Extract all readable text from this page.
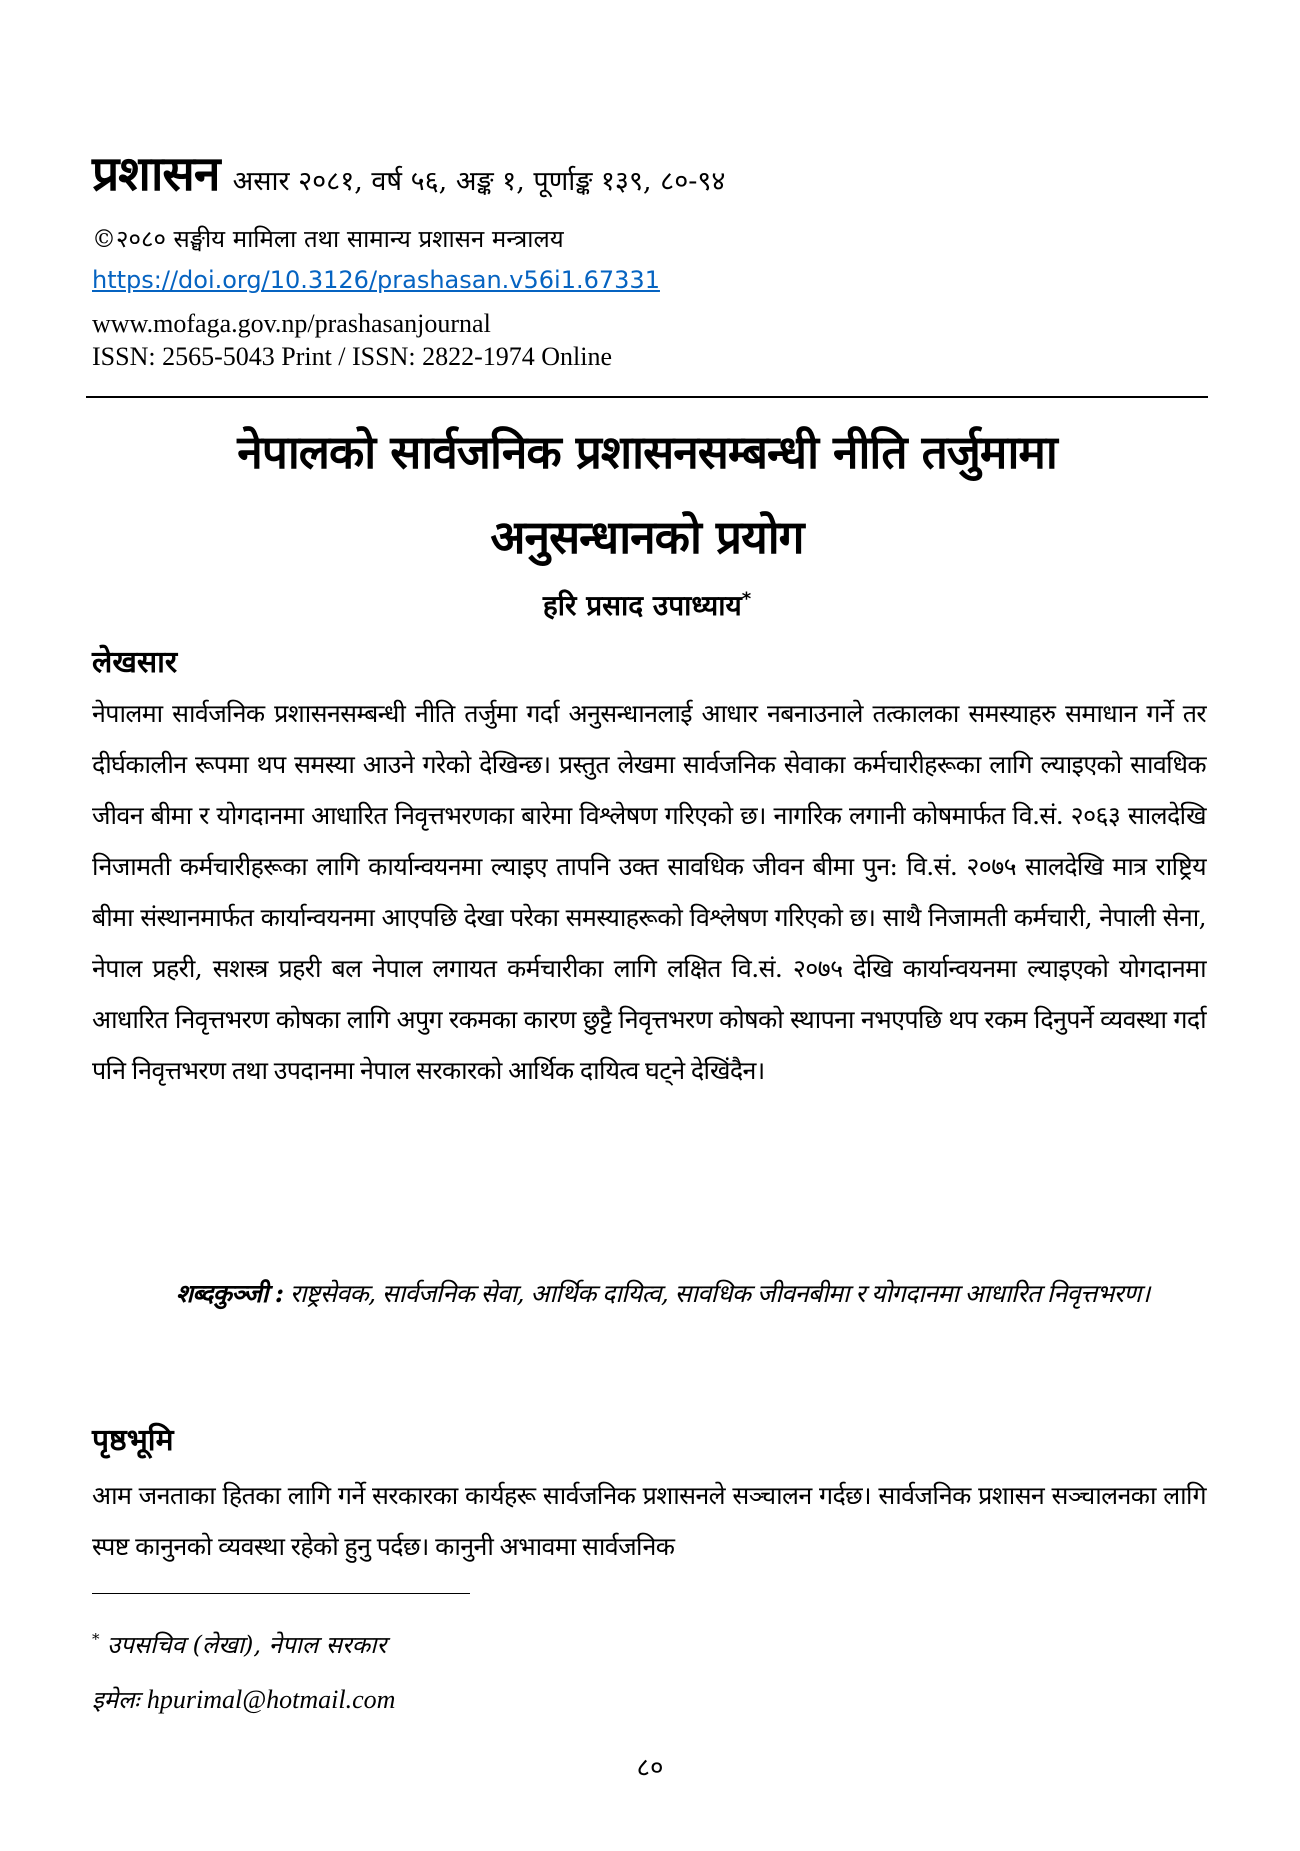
प्रशासन असार २०८१, वर्ष ५६, अङ्क १, पूर्णाङ्क १३९, ८०-९४
©२०८० सङ्घीय मामिला तथा सामान्य प्रशासन मन्त्रालय
https://doi.org/10.3126/prashasan.v56i1.67331
www.mofaga.gov.np/prashasanjournal
ISSN: 2565-5043 Print / ISSN: 2822-1974 Online
नेपालको सार्वजनिक प्रशासनसम्बन्धी नीति तर्जुमामा
अनुसन्धानको प्रयोग
हरि प्रसाद उपाध्याय*
लेखसार
नेपालमा सार्वजनिक प्रशासनसम्बन्धी नीति तर्जुमा गर्दा अनुसन्धानलाई आधार नबनाउनाले तत्कालका समस्याहरु समाधान गर्ने तर दीर्घकालीन रूपमा थप समस्या आउने गरेको देखिन्छ। प्रस्तुत लेखमा सार्वजनिक सेवाका कर्मचारीहरूका लागि ल्याइएको सावधिक जीवन बीमा र योगदानमा आधारित निवृत्तभरणका बारेमा विश्लेषण गरिएको छ। नागरिक लगानी कोषमार्फत वि.सं. २०६३ सालदेखि निजामती कर्मचारीहरूका लागि कार्यान्वयनमा ल्याइए तापनि उक्त सावधिक जीवन बीमा पुन: वि.सं. २०७५ सालदेखि मात्र राष्ट्रिय बीमा संस्थानमार्फत कार्यान्वयनमा आएपछि देखा परेका समस्याहरूको विश्लेषण गरिएको छ। साथै निजामती कर्मचारी, नेपाली सेना, नेपाल प्रहरी, सशस्त्र प्रहरी बल नेपाल लगायत कर्मचारीका लागि लक्षित वि.सं. २०७५ देखि कार्यान्वयनमा ल्याइएको योगदानमा आधारित निवृत्तभरण कोषका लागि अपुग रकमका कारण छुट्टै निवृत्तभरण कोषको स्थापना नभएपछि थप रकम दिनुपर्ने व्यवस्था गर्दा पनि निवृत्तभरण तथा उपदानमा नेपाल सरकारको आर्थिक दायित्व घट्ने देखिंदैन।
शब्दकुञ्जी : राष्ट्रसेवक, सार्वजनिक सेवा, आर्थिक दायित्व, सावधिक जीवनबीमा र योगदानमा आधारित निवृत्तभरण।
पृष्ठभूमि
आम जनताका हितका लागि गर्ने सरकारका कार्यहरू सार्वजनिक प्रशासनले सञ्चालन गर्दछ। सार्वजनिक प्रशासन सञ्चालनका लागि स्पष्ट कानुनको व्यवस्था रहेको हुनु पर्दछ। कानुनी अभावमा सार्वजनिक
* उपसचिव (लेखा), नेपाल सरकार
इमेलः hpurimal@hotmail.com
८०
